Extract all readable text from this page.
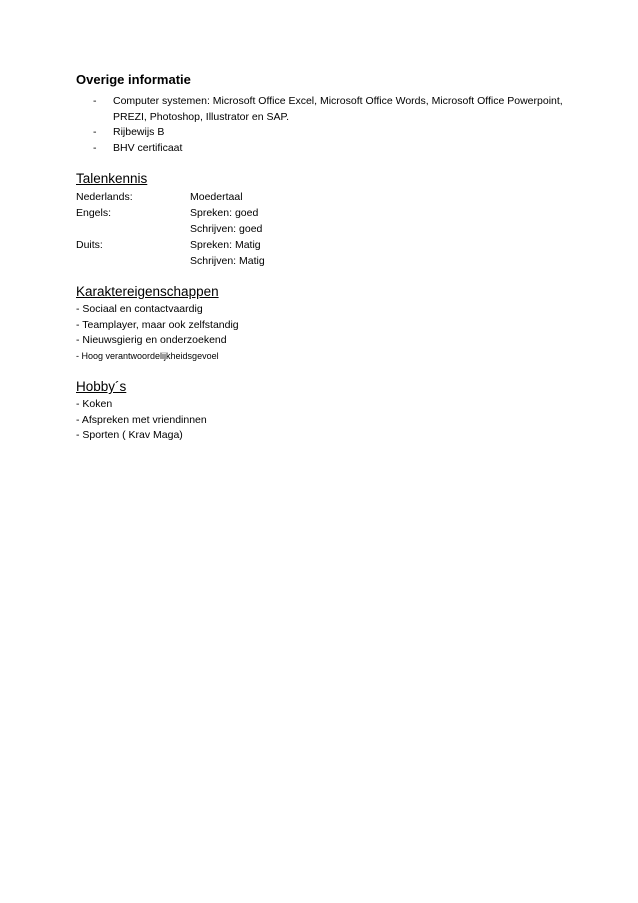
Overige informatie
- Computer systemen: Microsoft Office Excel, Microsoft Office Words, Microsoft Office Powerpoint, PREZI, Photoshop, Illustrator en SAP.
- Rijbewijs B
- BHV certificaat
Talenkennis
Nederlands:	Moedertaal
Engels:	Spreken: goed
	Schrijven: goed
Duits:	Spreken: Matig
	Schrijven: Matig
Karaktereigenschappen
- Sociaal en contactvaardig
- Teamplayer, maar ook zelfstandig
- Nieuwsgierig en onderzoekend
- Hoog verantwoordelijkheidsgevoel
Hobby´s
- Koken
- Afspreken met vriendinnen
- Sporten ( Krav Maga)
